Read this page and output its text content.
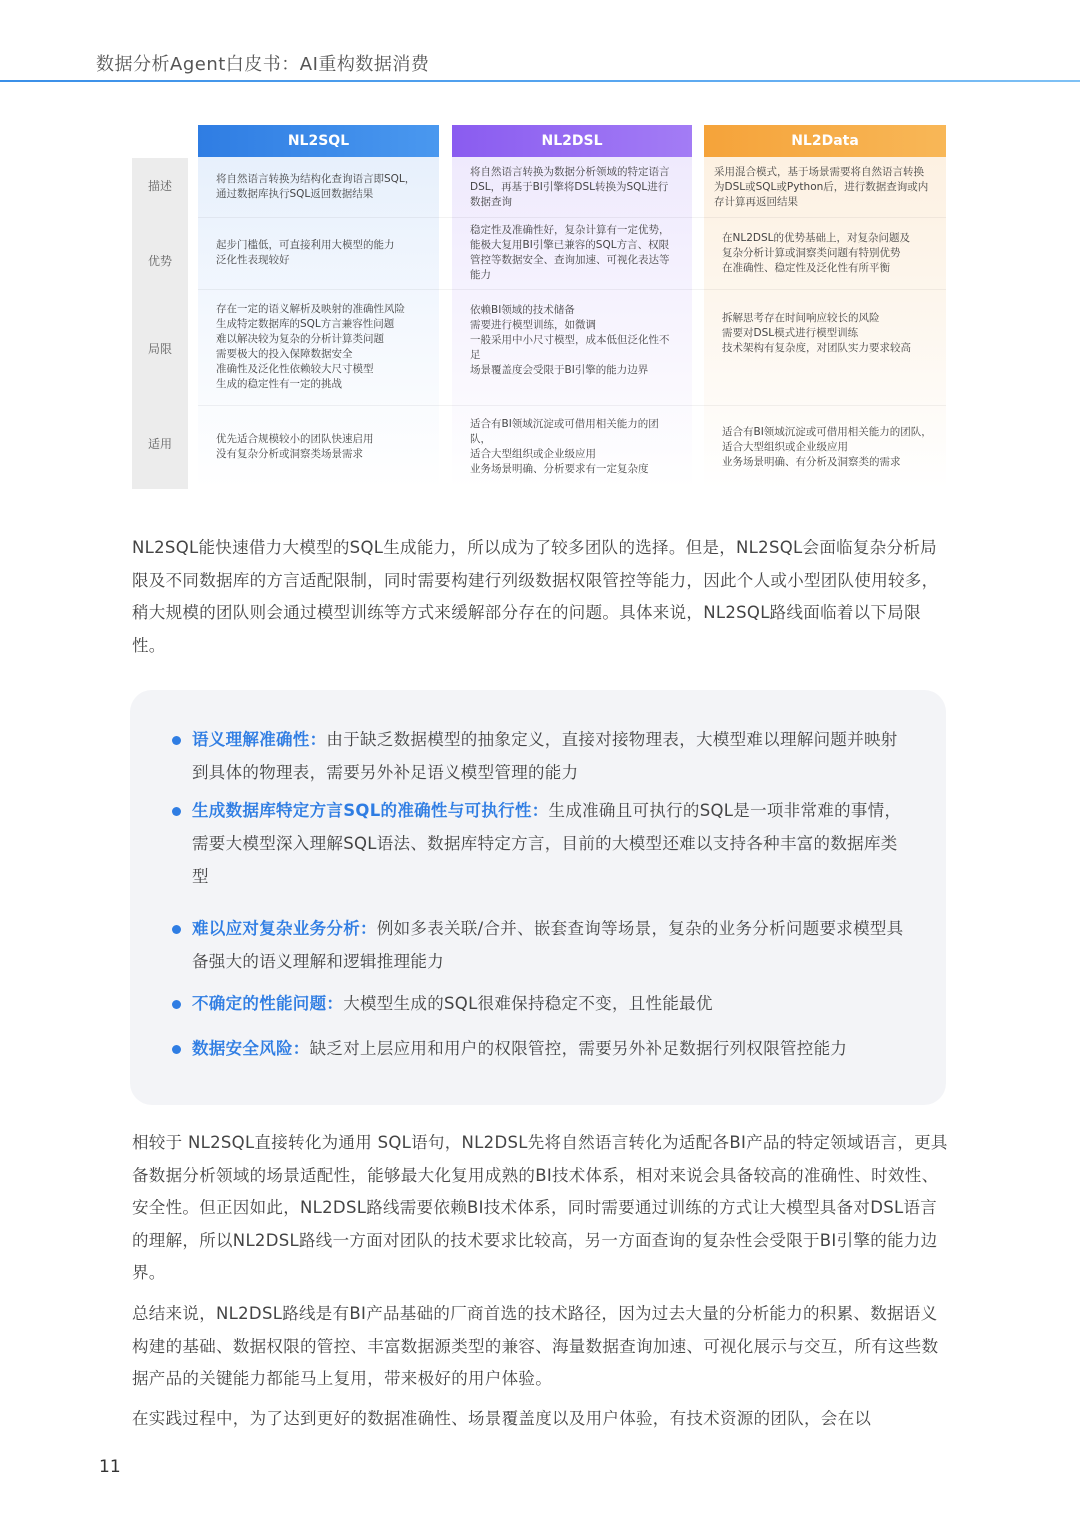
数据分析Agent白皮书：AI重构数据消费
描述
优势
局限
适用
NL2SQL
将自然语言转换为结构化查询语言即SQL，
通过数据库执行SQL返回数据结果
起步门槛低，可直接利用大模型的能力
泛化性表现较好
存在一定的语义解析及映射的准确性风险
生成特定数据库的SQL方言兼容性问题
难以解决较为复杂的分析计算类问题
需要极大的投入保障数据安全
准确性及泛化性依赖较大尺寸模型
生成的稳定性有一定的挑战
优先适合规模较小的团队快速启用
没有复杂分析或洞察类场景需求
NL2DSL
将自然语言转换为数据分析领域的特定语言
DSL，再基于BI引擎将DSL转换为SQL进行
数据查询
稳定性及准确性好，复杂计算有一定优势，
能极大复用BI引擎已兼容的SQL方言、权限
管控等数据安全、查询加速、可视化表达等
能力
依赖BI领域的技术储备
需要进行模型训练，如微调
一般采用中小尺寸模型，成本低但泛化性不足
场景覆盖度会受限于BI引擎的能力边界
适合有BI领域沉淀或可借用相关能力的团队，
适合大型组织或企业级应用
业务场景明确、分析要求有一定复杂度
NL2Data
采用混合模式，基于场景需要将自然语言转换
为DSL或SQL或Python后，进行数据查询或内
存计算再返回结果
在NL2DSL的优势基础上，对复杂问题及
复杂分析计算或洞察类问题有特别优势
在准确性、稳定性及泛化性有所平衡
拆解思考存在时间响应较长的风险
需要对DSL模式进行模型训练
技术架构有复杂度，对团队实力要求较高
适合有BI领域沉淀或可借用相关能力的团队，
适合大型组织或企业级应用
业务场景明确、有分析及洞察类的需求
NL2SQL能快速借力大模型的SQL生成能力，所以成为了较多团队的选择。但是，NL2SQL会面临复杂分析局限及不同数据库的方言适配限制，同时需要构建行列级数据权限管控等能力，因此个人或小型团队使用较多，稍大规模的团队则会通过模型训练等方式来缓解部分存在的问题。具体来说，NL2SQL路线面临着以下局限性。
语义理解准确性：由于缺乏数据模型的抽象定义，直接对接物理表，大模型难以理解问题并映射到具体的物理表，需要另外补足语义模型管理的能力
生成数据库特定方言SQL的准确性与可执行性：生成准确且可执行的SQL是一项非常难的事情，需要大模型深入理解SQL语法、数据库特定方言，目前的大模型还难以支持各种丰富的数据库类型
难以应对复杂业务分析：例如多表关联/合并、嵌套查询等场景，复杂的业务分析问题要求模型具备强大的语义理解和逻辑推理能力
不确定的性能问题：大模型生成的SQL很难保持稳定不变，且性能最优
数据安全风险：缺乏对上层应用和用户的权限管控，需要另外补足数据行列权限管控能力
相较于 NL2SQL直接转化为通用 SQL语句，NL2DSL先将自然语言转化为适配各BI产品的特定领域语言，更具备数据分析领域的场景适配性，能够最大化复用成熟的BI技术体系，相对来说会具备较高的准确性、时效性、安全性。但正因如此，NL2DSL路线需要依赖BI技术体系，同时需要通过训练的方式让大模型具备对DSL语言的理解，所以NL2DSL路线一方面对团队的技术要求比较高，另一方面查询的复杂性会受限于BI引擎的能力边界。
总结来说，NL2DSL路线是有BI产品基础的厂商首选的技术路径，因为过去大量的分析能力的积累、数据语义构建的基础、数据权限的管控、丰富数据源类型的兼容、海量数据查询加速、可视化展示与交互，所有这些数据产品的关键能力都能马上复用，带来极好的用户体验。
在实践过程中，为了达到更好的数据准确性、场景覆盖度以及用户体验，有技术资源的团队，会在以
11
